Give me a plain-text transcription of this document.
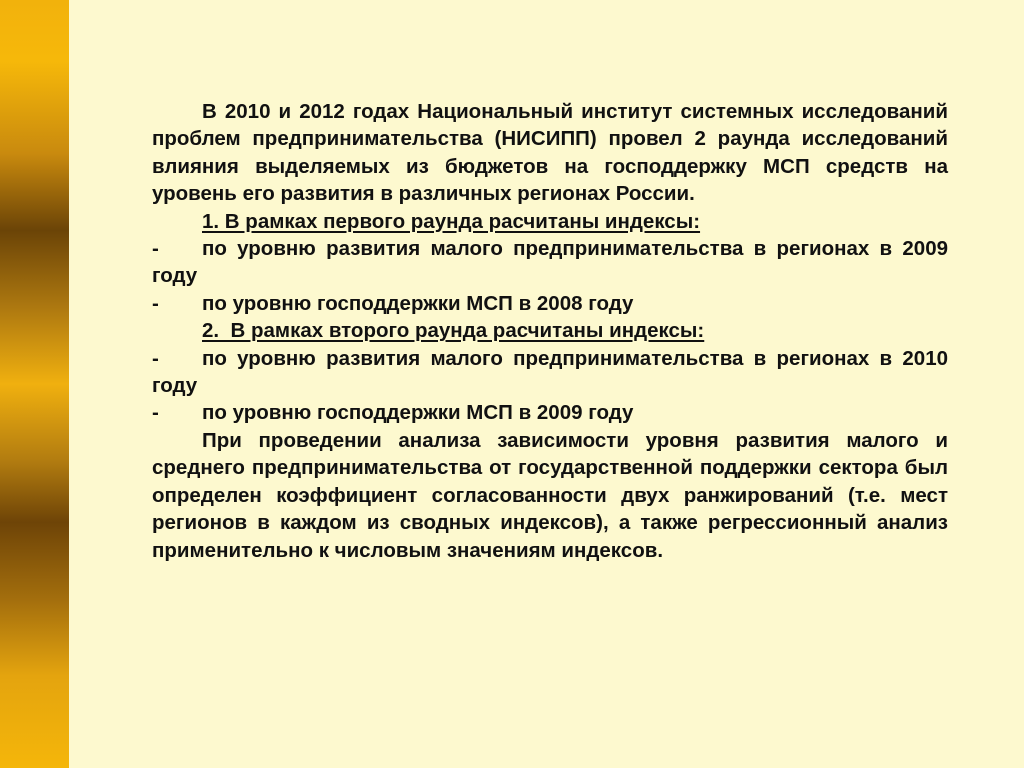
В 2010 и 2012 годах Национальный институт системных исследований проблем предпринимательства (НИСИПП) провел 2 раунда исследований влияния выделяемых из бюджетов на господдержку МСП средств на уровень его развития в различных регионах России.

1. В рамках первого раунда расчитаны индексы:

- по уровню развития малого предпринимательства в регионах в 2009 году

- по уровню господдержки МСП в 2008 году

2.  В рамках второго раунда расчитаны индексы:

- по уровню развития малого предпринимательства в регионах в 2010 году

- по уровню господдержки МСП в 2009 году

При проведении анализа зависимости уровня развития малого и среднего предпринимательства от государственной поддержки сектора был определен коэффициент согласованности двух ранжирований (т.е. мест регионов в каждом из сводных индексов), а также регрессионный анализ применительно к числовым значениям индексов.
